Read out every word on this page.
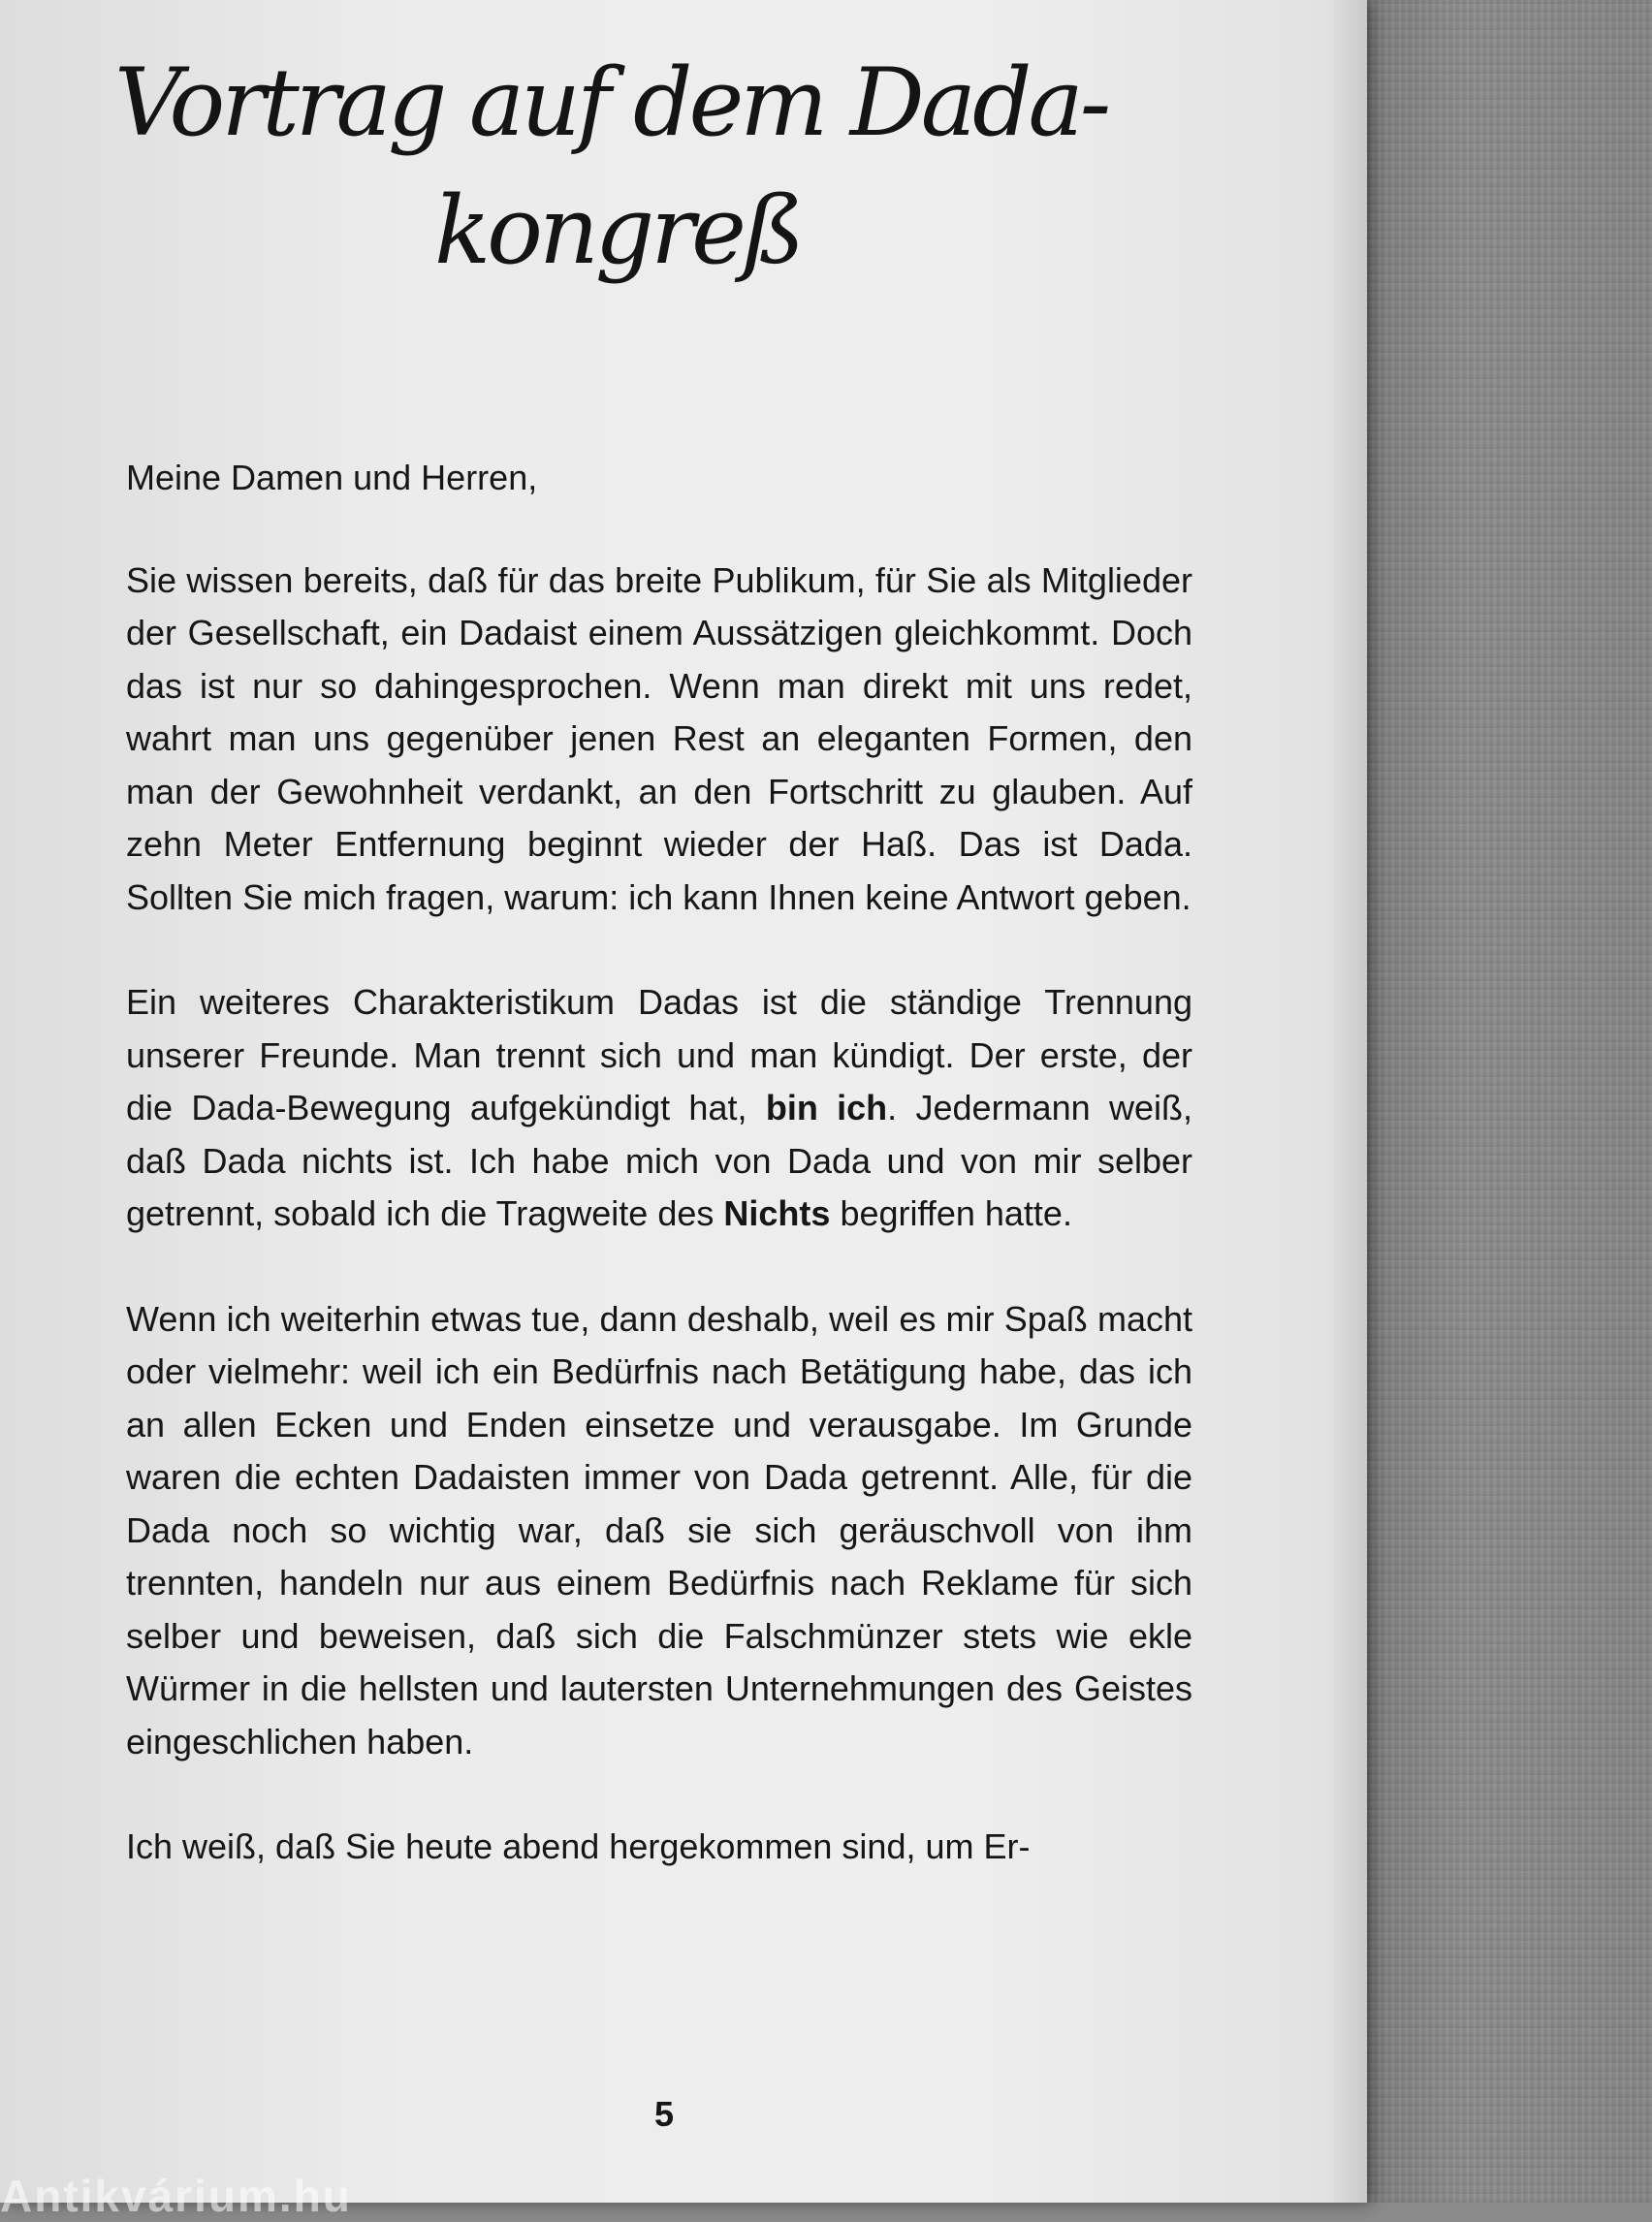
Vortrag auf dem Dada-
kongreß

Meine Damen und Herren,

Sie wissen bereits, daß für das breite Publikum, für Sie als Mitglieder der Gesellschaft, ein Dadaist einem Aussätzigen gleichkommt. Doch das ist nur so dahingesprochen. Wenn man direkt mit uns redet, wahrt man uns gegenüber jenen Rest an eleganten Formen, den man der Gewohnheit verdankt, an den Fortschritt zu glauben. Auf zehn Meter Entfernung beginnt wieder der Haß. Das ist Dada. Sollten Sie mich fragen, warum: ich kann Ihnen keine Antwort geben.

Ein weiteres Charakteristikum Dadas ist die ständige Trennung unserer Freunde. Man trennt sich und man kündigt. Der erste, der die Dada-Bewegung aufgekündigt hat, bin ich. Jedermann weiß, daß Dada nichts ist. Ich habe mich von Dada und von mir selber getrennt, sobald ich die Tragweite des Nichts begriffen hatte.

Wenn ich weiterhin etwas tue, dann deshalb, weil es mir Spaß macht oder vielmehr: weil ich ein Bedürfnis nach Betätigung habe, das ich an allen Ecken und Enden einsetze und verausgabe. Im Grunde waren die echten Dadaisten immer von Dada getrennt. Alle, für die Dada noch so wichtig war, daß sie sich geräuschvoll von ihm trennten, handeln nur aus einem Bedürfnis nach Reklame für sich selber und beweisen, daß sich die Falschmünzer stets wie ekle Würmer in die hellsten und lautersten Unternehmungen des Geistes eingeschlichen haben.

Ich weiß, daß Sie heute abend hergekommen sind, um Er-

5
Antikvárium.hu
